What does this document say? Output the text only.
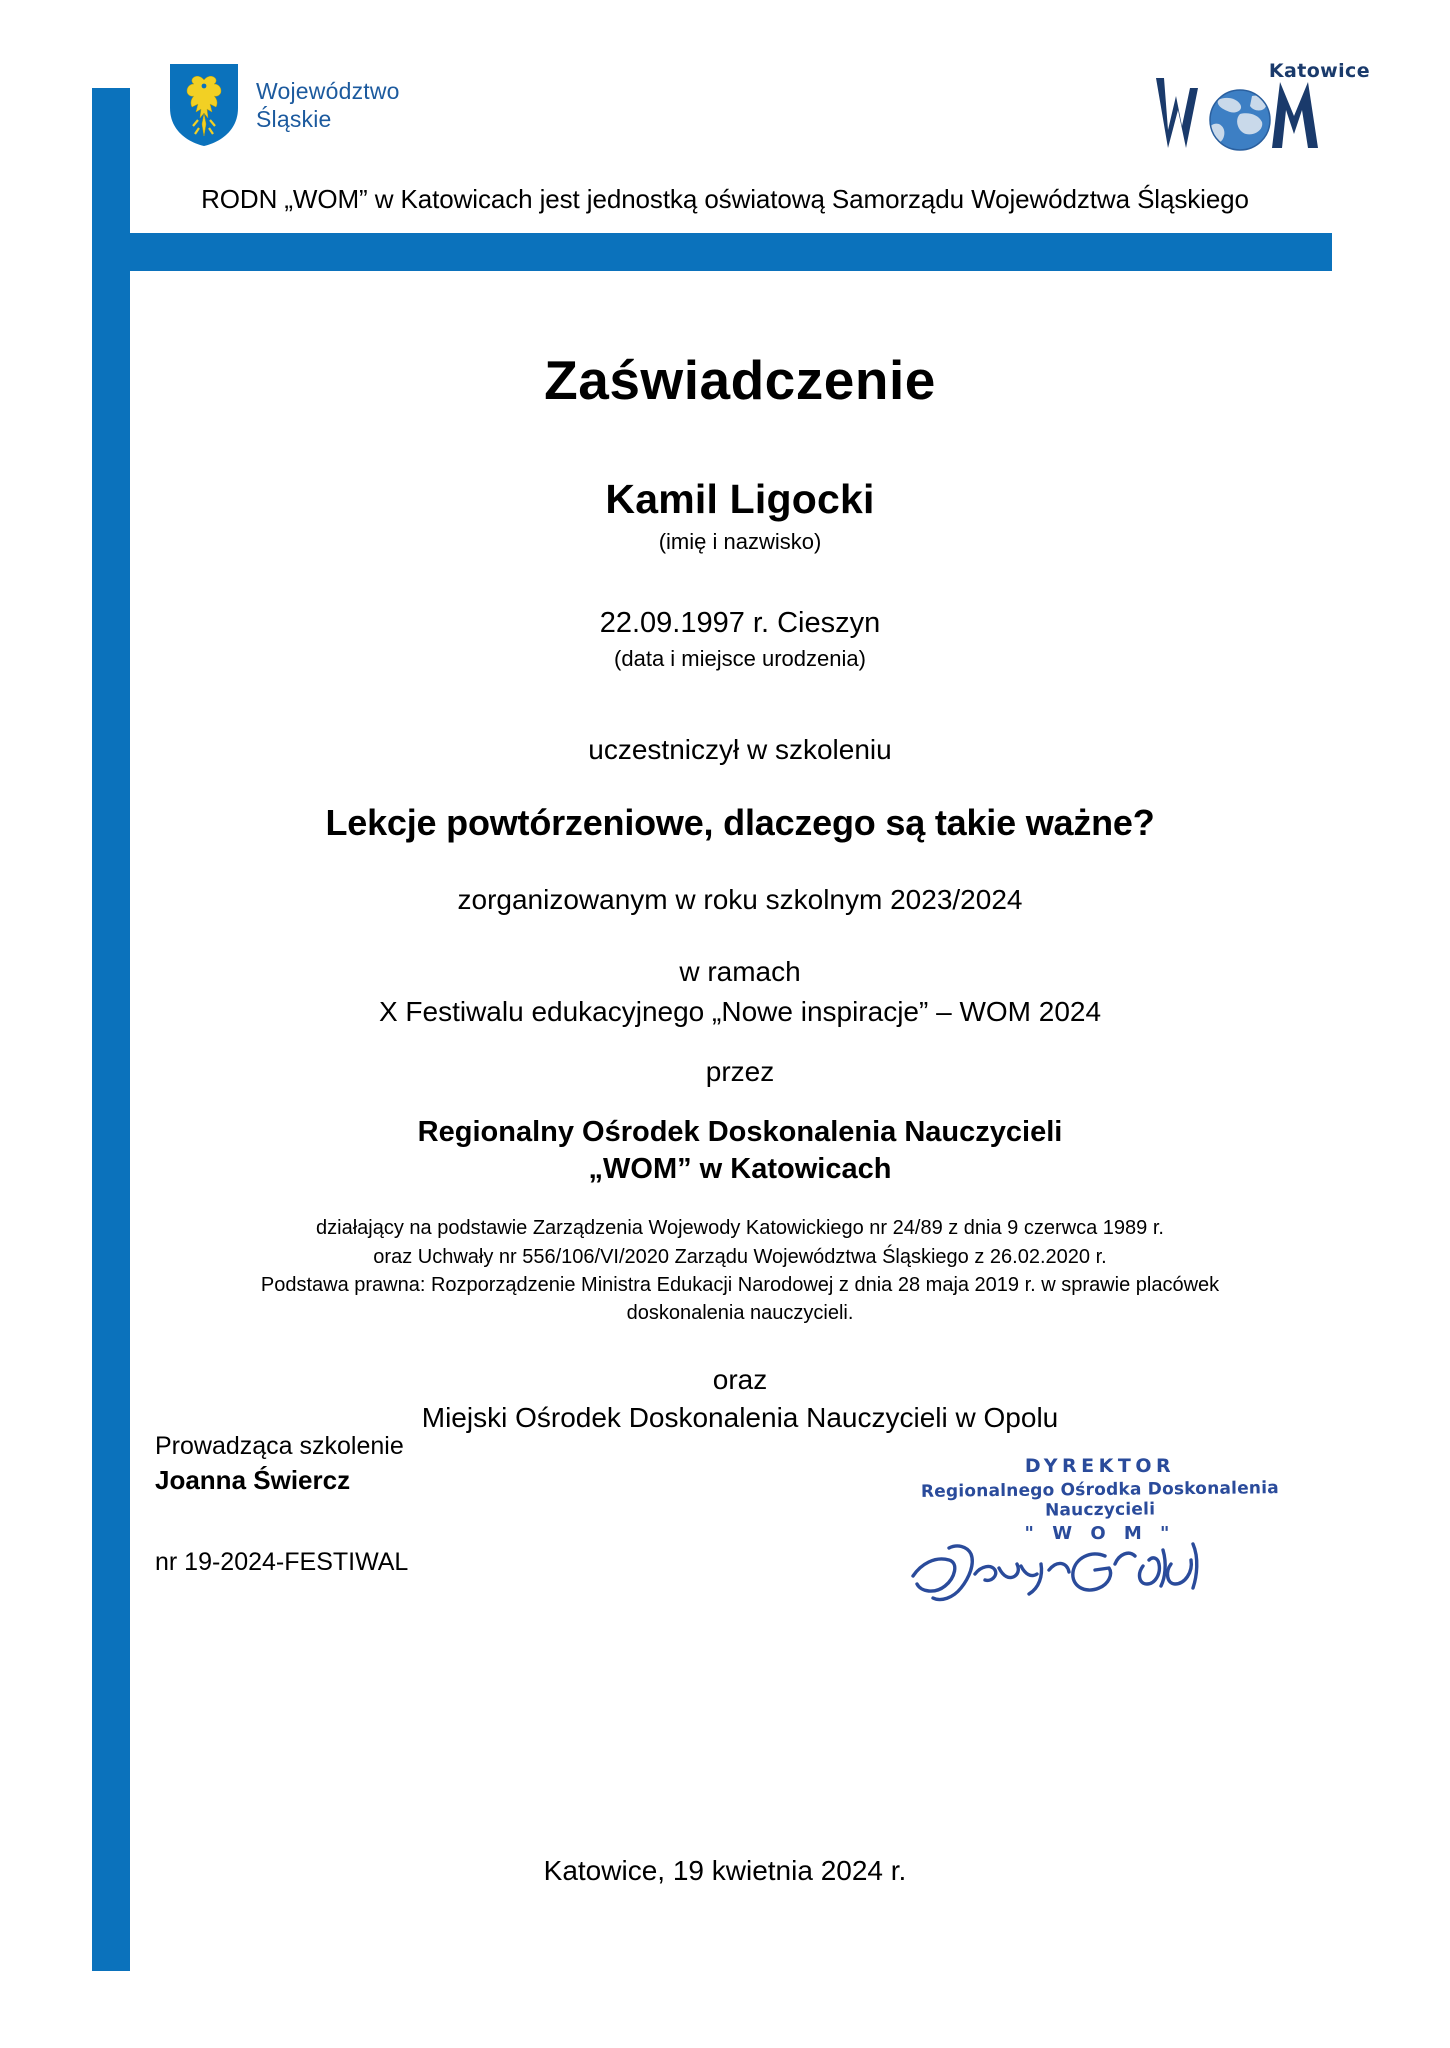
Województwo
Śląskie
Katowice
RODN „WOM” w Katowicach jest jednostką oświatową Samorządu Województwa Śląskiego
Zaświadczenie
Kamil Ligocki
(imię i nazwisko)
22.09.1997 r. Cieszyn
(data i miejsce urodzenia)
uczestniczył w szkoleniu
Lekcje powtórzeniowe, dlaczego są takie ważne?
zorganizowanym w roku szkolnym 2023/2024
w ramach
X Festiwalu edukacyjnego „Nowe inspiracje” – WOM 2024
przez
Regionalny Ośrodek Doskonalenia Nauczycieli
„WOM” w Katowicach
działający na podstawie Zarządzenia Wojewody Katowickiego nr 24/89 z dnia 9 czerwca 1989 r.
oraz Uchwały nr 556/106/VI/2020 Zarządu Województwa Śląskiego z 26.02.2020 r.
Podstawa prawna: Rozporządzenie Ministra Edukacji Narodowej z dnia 28 maja 2019 r. w sprawie placówek
doskonalenia nauczycieli.
oraz
Miejski Ośrodek Doskonalenia Nauczycieli w Opolu
Prowadząca szkolenie
Joanna Świercz
nr 19-2024-FESTIWAL
DYREKTOR
Regionalnego Ośrodka Doskonalenia Nauczycieli
" W O M "
Katowice, 19 kwietnia 2024 r.
